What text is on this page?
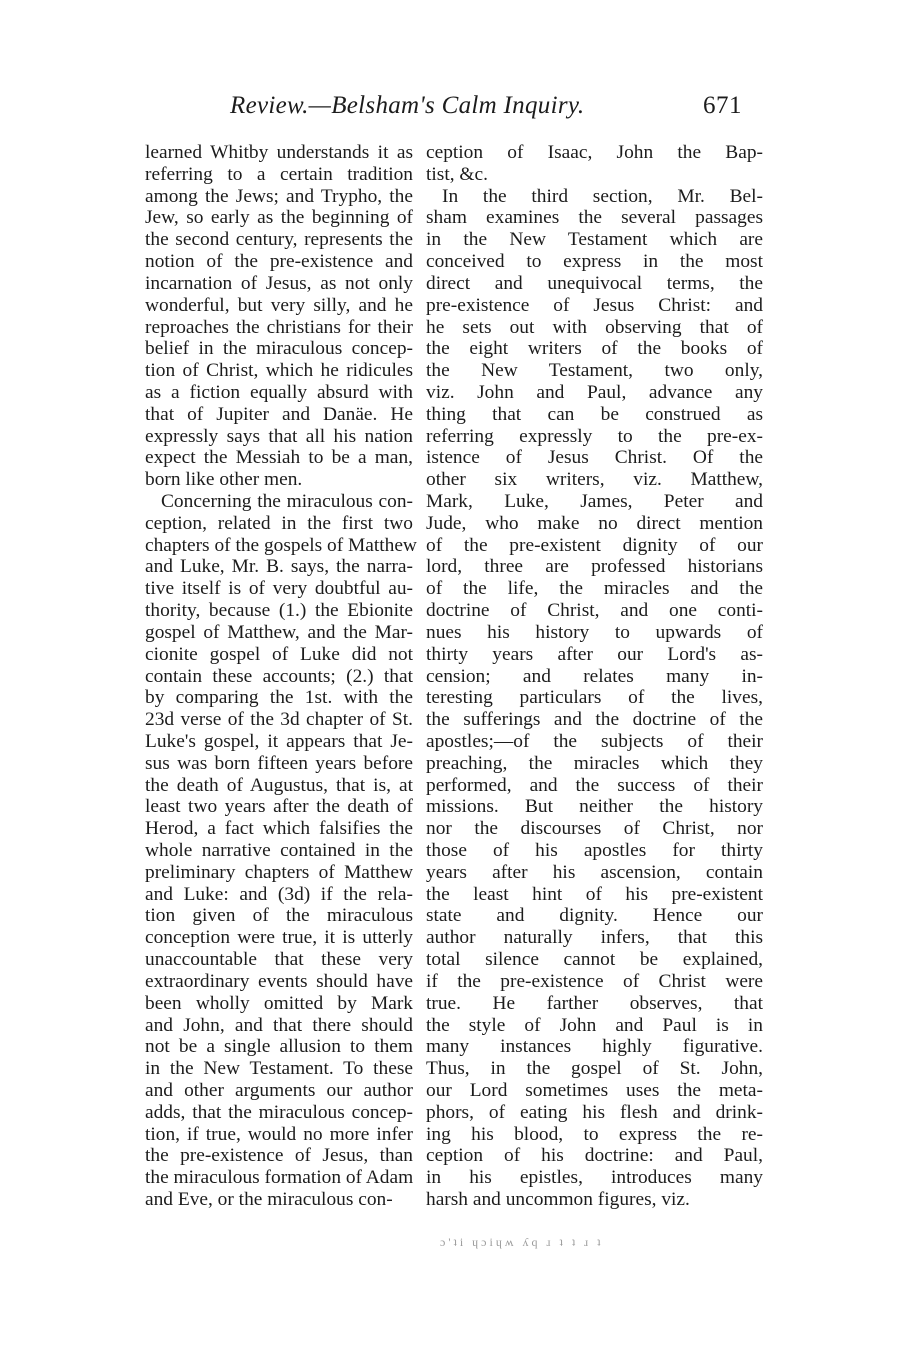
Review.—Belsham's Calm Inquiry.	671
learned Whitby understands it as
referring to a certain tradition
among the Jews; and Trypho, the
Jew, so early as the beginning of
the second century, represents the
notion of the pre-existence and
incarnation of Jesus, as not only
wonderful, but very silly, and he
reproaches the christians for their
belief in the miraculous concep-
tion of Christ, which he ridicules
as a fiction equally absurd with
that of Jupiter and Danäe. He
expressly says that all his nation
expect the Messiah to be a man,
born like other men.
Concerning the miraculous con-
ception, related in the first two
chapters of the gospels of Matthew
and Luke, Mr. B. says, the narra-
tive itself is of very doubtful au-
thority, because (1.) the Ebionite
gospel of Matthew, and the Mar-
cionite gospel of Luke did not
contain these accounts; (2.) that
by comparing the 1st. with the
23d verse of the 3d chapter of St.
Luke's gospel, it appears that Je-
sus was born fifteen years before
the death of Augustus, that is, at
least two years after the death of
Herod, a fact which falsifies the
whole narrative contained in the
preliminary chapters of Matthew
and Luke: and (3d) if the rela-
tion given of the miraculous
conception were true, it is utterly
unaccountable that these very
extraordinary events should have
been wholly omitted by Mark
and John, and that there should
not be a single allusion to them
in the New Testament. To these
and other arguments our author
adds, that the miraculous concep-
tion, if true, would no more infer
the pre-existence of Jesus, than
the miraculous formation of Adam
and Eve, or the miraculous con-
ception of Isaac, John the Bap-
tist, &c.
In the third section, Mr. Bel-
sham examines the several passages
in the New Testament which are
conceived to express in the most
direct and unequivocal terms, the
pre-existence of Jesus Christ: and
he sets out with observing that of
the eight writers of the books of
the New Testament, two only,
viz. John and Paul, advance any
thing that can be construed as
referring expressly to the pre-ex-
istence of Jesus Christ. Of the
other six writers, viz. Matthew,
Mark, Luke, James, Peter and
Jude, who make no direct mention
of the pre-existent dignity of our
lord, three are professed historians
of the life, the miracles and the
doctrine of Christ, and one conti-
nues his history to upwards of
thirty years after our Lord's as-
cension; and relates many in-
teresting particulars of the lives,
the sufferings and the doctrine of the
apostles;—of the subjects of their
preaching, the miracles which they
performed, and the success of their
missions. But neither the history
nor the discourses of Christ, nor
those of his apostles for thirty
years after his ascension, contain
the least hint of his pre-existent
state and dignity. Hence our
author naturally infers, that this
total silence cannot be explained,
if the pre-existence of Christ were
true. He farther observes, that
the style of John and Paul is in
many instances highly figurative.
Thus, in the gospel of St. John,
our Lord sometimes uses the meta-
phors, of eating his flesh and drink-
ing his blood, to express the re-
ception of his doctrine: and Paul,
in his epistles, introduces many
harsh and uncommon figures, viz.
ɔ'ʇi ɥɔiɥʍ ʎq ɹ ʇ ʇ ɹ ʇ
